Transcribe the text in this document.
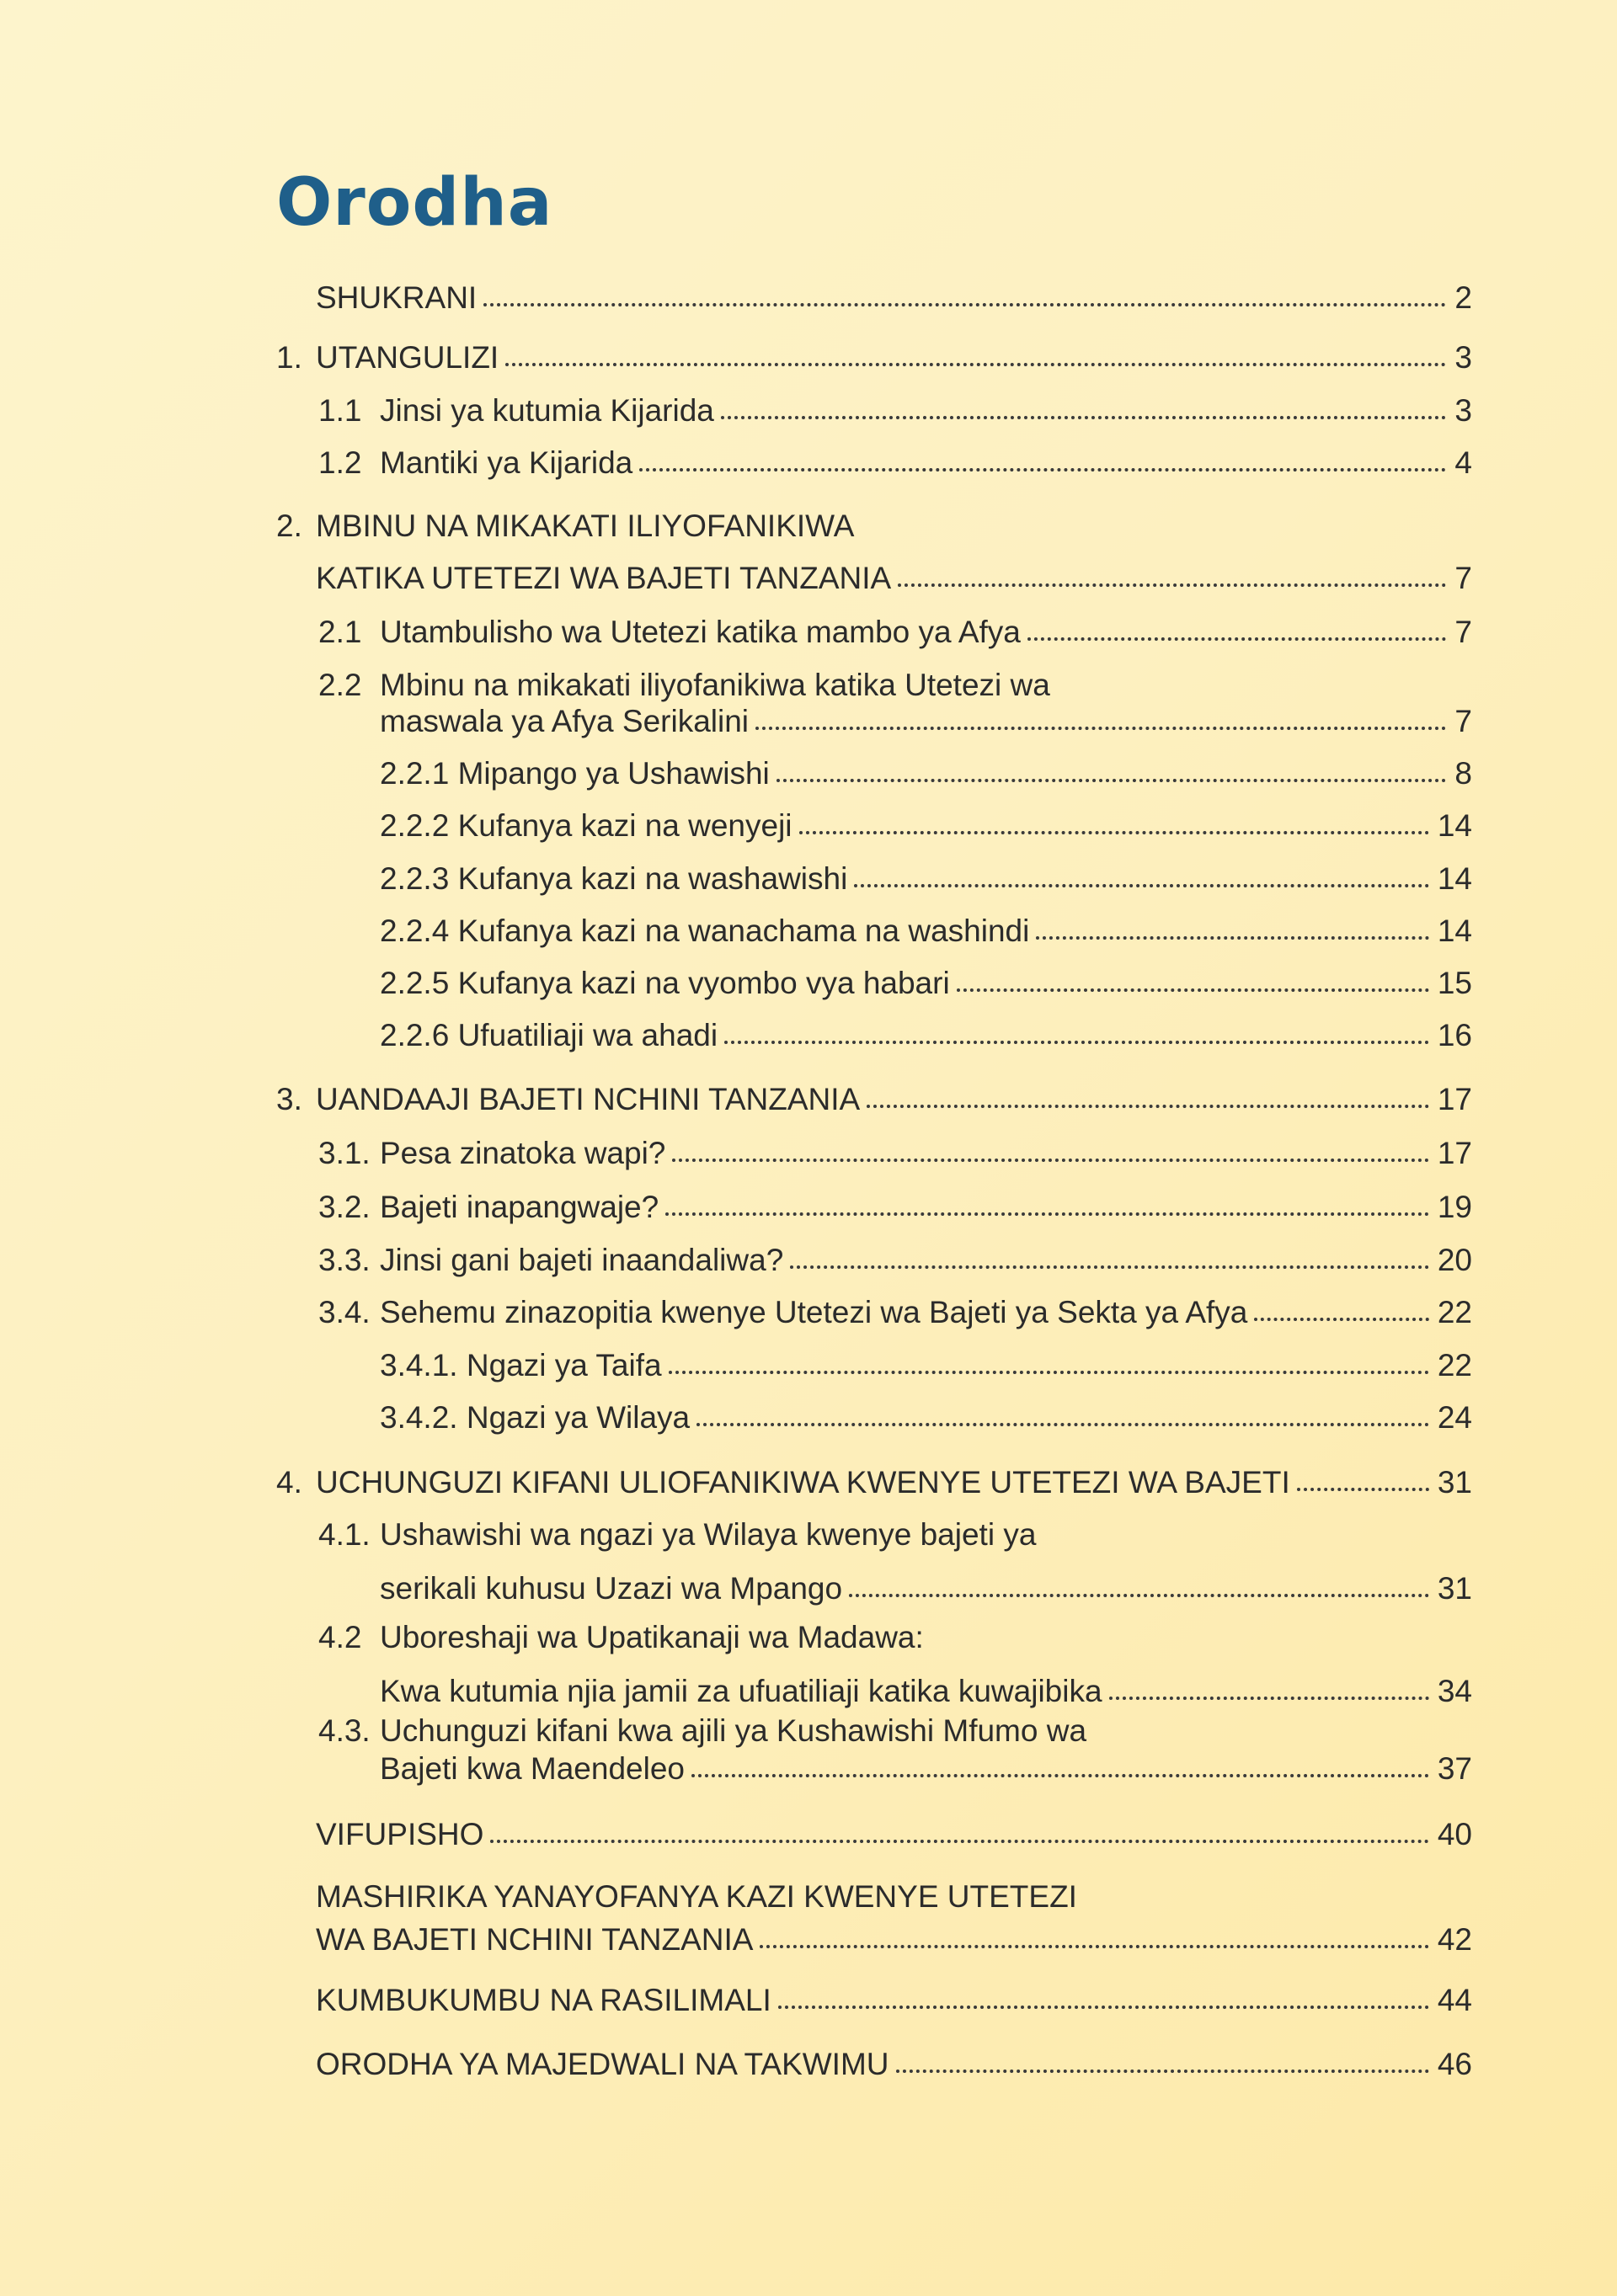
Orodha
SHUKRANI	2
1. UTANGULIZI	3
1.1 Jinsi ya kutumia Kijarida	3
1.2 Mantiki ya Kijarida	4
2. MBINU NA MIKAKATI ILIYOFANIKIWA
KATIKA UTETEZI WA BAJETI TANZANIA	7
2.1 Utambulisho wa Utetezi katika mambo ya Afya	7
2.2 Mbinu na mikakati iliyofanikiwa katika Utetezi wa
maswala ya Afya Serikalini	7
2.2.1 Mipango ya Ushawishi	8
2.2.2 Kufanya kazi na wenyeji	14
2.2.3 Kufanya kazi na washawishi	14
2.2.4 Kufanya kazi na wanachama na washindi	14
2.2.5 Kufanya kazi na vyombo vya habari	15
2.2.6 Ufuatiliaji wa ahadi	16
3. UANDAAJI BAJETI NCHINI TANZANIA	17
3.1. Pesa zinatoka wapi?	17
3.2. Bajeti inapangwaje?	19
3.3. Jinsi gani bajeti inaandaliwa?	20
3.4. Sehemu zinazopitia kwenye Utetezi wa Bajeti ya Sekta ya Afya	22
3.4.1. Ngazi ya Taifa	22
3.4.2. Ngazi ya Wilaya	24
4. UCHUNGUZI KIFANI ULIOFANIKIWA KWENYE UTETEZI WA BAJETI	31
4.1. Ushawishi wa ngazi ya Wilaya kwenye bajeti ya
serikali kuhusu Uzazi wa Mpango	31
4.2 Uboreshaji wa Upatikanaji wa Madawa:
Kwa kutumia njia jamii za ufuatiliaji katika kuwajibika	34
4.3. Uchunguzi kifani kwa ajili ya Kushawishi Mfumo wa
Bajeti kwa Maendeleo	37
VIFUPISHO	40
MASHIRIKA YANAYOFANYA KAZI KWENYE UTETEZI
WA BAJETI NCHINI TANZANIA	42
KUMBUKUMBU NA RASILIMALI	44
ORODHA YA MAJEDWALI NA TAKWIMU	46
